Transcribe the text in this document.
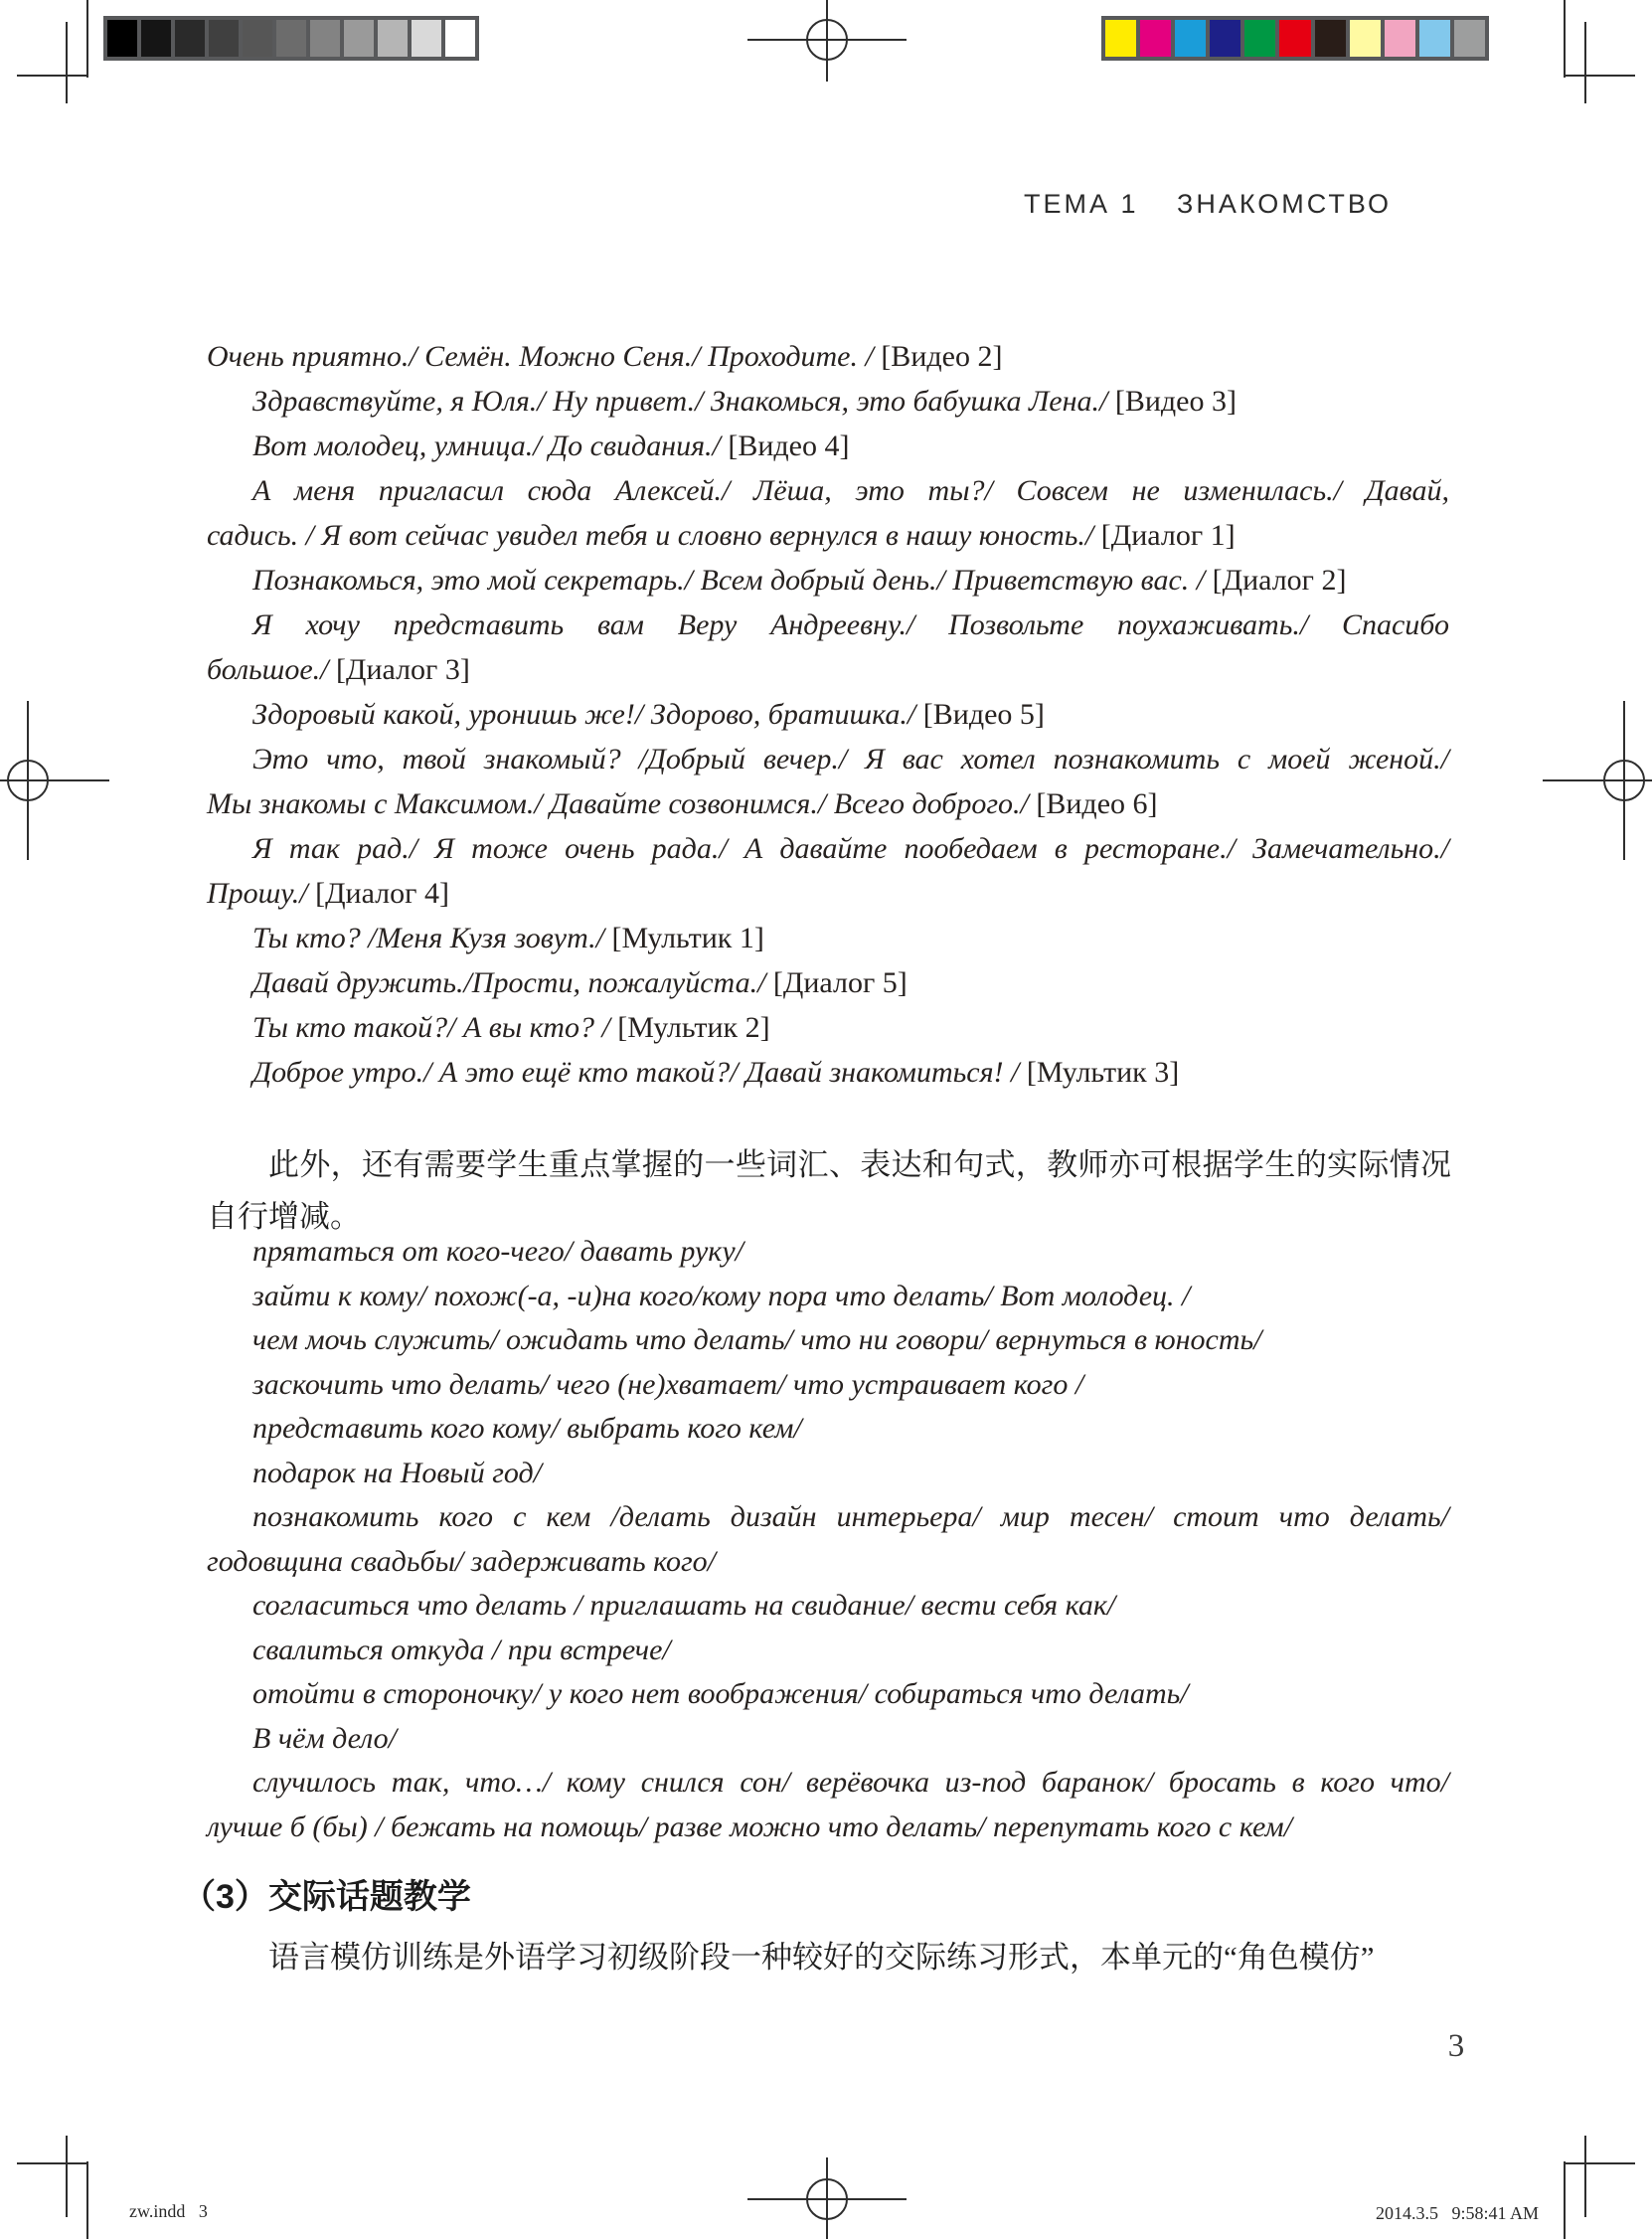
ТЕМА 1 ЗНАКОМСТВО
Очень приятно./ Семён. Можно Сеня./ Проходите. / [Видео 2]
Здравствуйте, я Юля./ Ну привет./ Знакомься, это бабушка Лена./ [Видео 3]
Вот молодец, умница./ До свидания./ [Видео 4]
А меня пригласил сюда Алексей./ Лёша, это ты?/ Совсем не изменилась./ Давай,
садись. / Я вот сейчас увидел тебя и словно вернулся в нашу юность./ [Диалог 1]
Познакомься, это мой секретарь./ Всем добрый день./ Приветствую вас. / [Диалог 2]
Я хочу представить вам Веру Андреевну./ Позвольте поухаживать./ Спасибо
большое./ [Диалог 3]
Здоровый какой, уронишь же!/ Здорово, братишка./ [Видео 5]
Это что, твой знакомый? /Добрый вечер./ Я вас хотел познакомить с моей женой./
Мы знакомы с Максимом./ Давайте созвонимся./ Всего доброго./ [Видео 6]
Я так рад./ Я тоже очень рада./ А давайте пообедаем в ресторане./ Замечательно./
Прошу./ [Диалог 4]
Ты кто? /Меня Кузя зовут./ [Мультик 1]
Давай дружить./Прости, пожалуйста./ [Диалог 5]
Ты кто такой?/ А вы кто? / [Мультик 2]
Доброе утро./ А это ещё кто такой?/ Давай знакомиться! / [Мультик 3]
此外，还有需要学生重点掌握的一些词汇、表达和句式，教师亦可根据学生的实际情况自行增减。
прятаться от кого-чего/ давать руку/
зайти к кому/ похож(-а, -и)на кого/кому пора что делать/ Вот молодец. /
чем мочь служить/ ожидать что делать/ что ни говори/ вернуться в юность/
заскочить что делать/ чего (не)хватает/ что устраивает кого /
представить кого кому/ выбрать кого кем/
подарок на Новый год/
познакомить кого с кем /делать дизайн интерьера/ мир тесен/ стоит что делать/
годовщина свадьбы/ задерживать кого/
согласиться что делать / приглашать на свидание/ вести себя как/
свалиться откуда / при встрече/
отойти в стороночку/ у кого нет воображения/ собираться что делать/
В чём дело/
случилось так, что…/ кому снился сон/ верёвочка из-под баранок/ бросать в кого что/
лучше б (бы) / бежать на помощь/ разве можно что делать/ перепутать кого с кем/
（3）交际话题教学
语言模仿训练是外语学习初级阶段一种较好的交际练习形式，本单元的“角色模仿”
3
zw.indd   3	2014.3.5   9:58:41 AM
